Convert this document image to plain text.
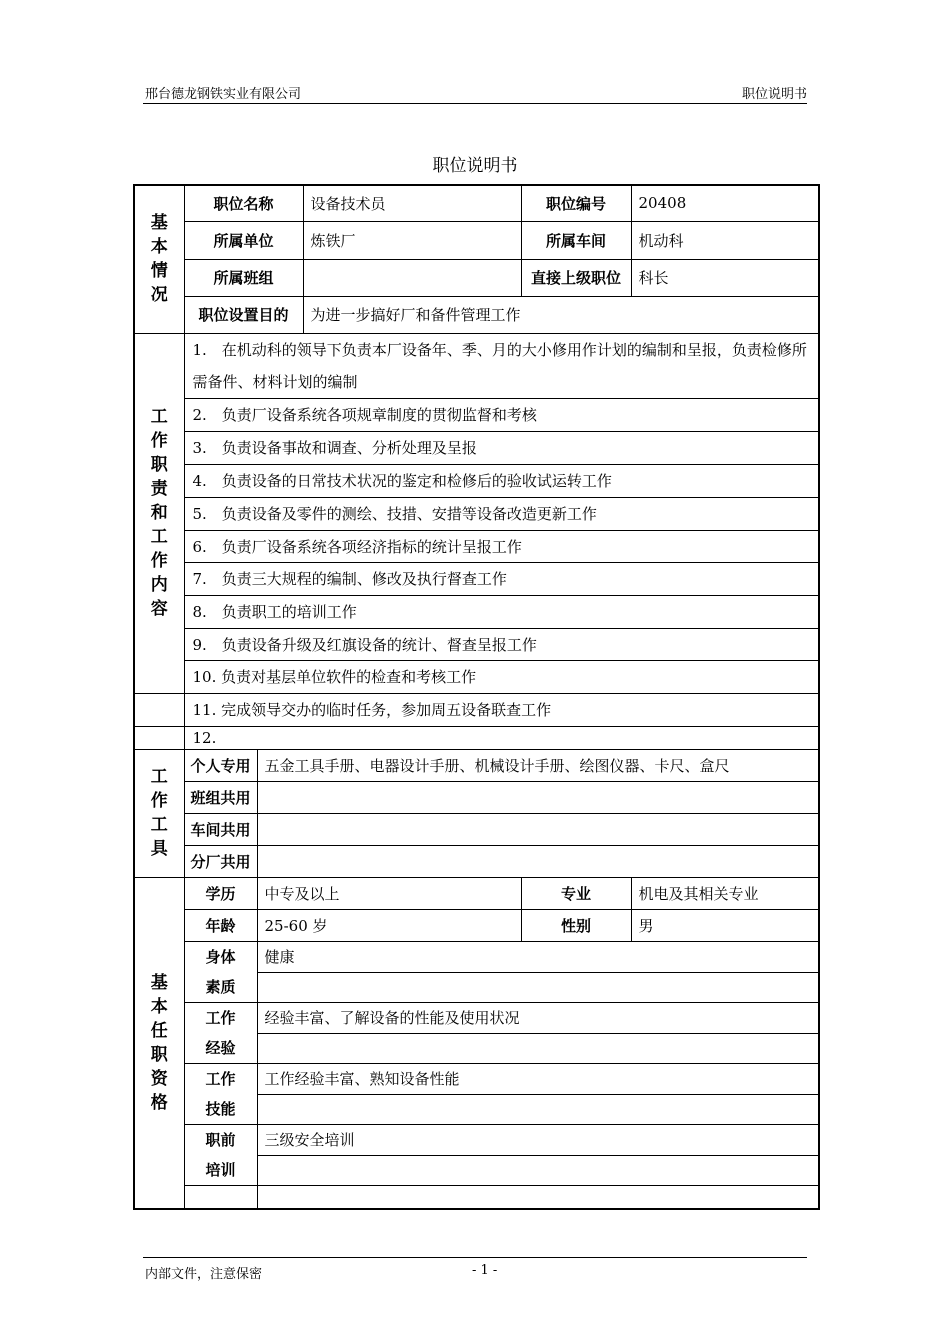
邢台德龙钢铁实业有限公司	职位说明书
职位说明书
基本情况	职位名称		设备技术员	职位编号	20408
	所属单位		炼铁厂	所属车间	机动科
	所属班组			直接上级职位	科长
	职位设置目的		为进一步搞好厂和备件管理工作		
工作职责和工作内容	1.　在机动科的领导下负责本厂设备年、季、月的大小修用作计划的编制和呈报，负责检修所需备件、材料计划的编制				
	2.　负责厂设备系统各项规章制度的贯彻监督和考核				
	3.　负责设备事故和调查、分析处理及呈报				
	4.　负责设备的日常技术状况的鉴定和检修后的验收试运转工作				
	5.　负责设备及零件的测绘、技措、安措等设备改造更新工作				
	6.　负责厂设备系统各项经济指标的统计呈报工作				
	7.　负责三大规程的编制、修改及执行督查工作				
	8.　负责职工的培训工作				
	9.　负责设备升级及红旗设备的统计、督查呈报工作				
	10. 负责对基层单位软件的检查和考核工作				
	11. 完成领导交办的临时任务，参加周五设备联查工作				
	12.				
工作工具	个人专用	五金工具手册、电器设计手册、机械设计手册、绘图仪器、卡尺、盒尺			
	班组共用				
	车间共用				
	分厂共用				
基本任职资格	学历	中专及以上		专业	机电及其相关专业
	年龄	25-60 岁		性别	男
	身体	健康			
	素质				
	工作	经验丰富、了解设备的性能及使用状况			
	经验				
	工作	工作经验丰富、熟知设备性能			
	技能				
	职前	三级安全培训			
	培训				

内部文件，注意保密	- 1 -
